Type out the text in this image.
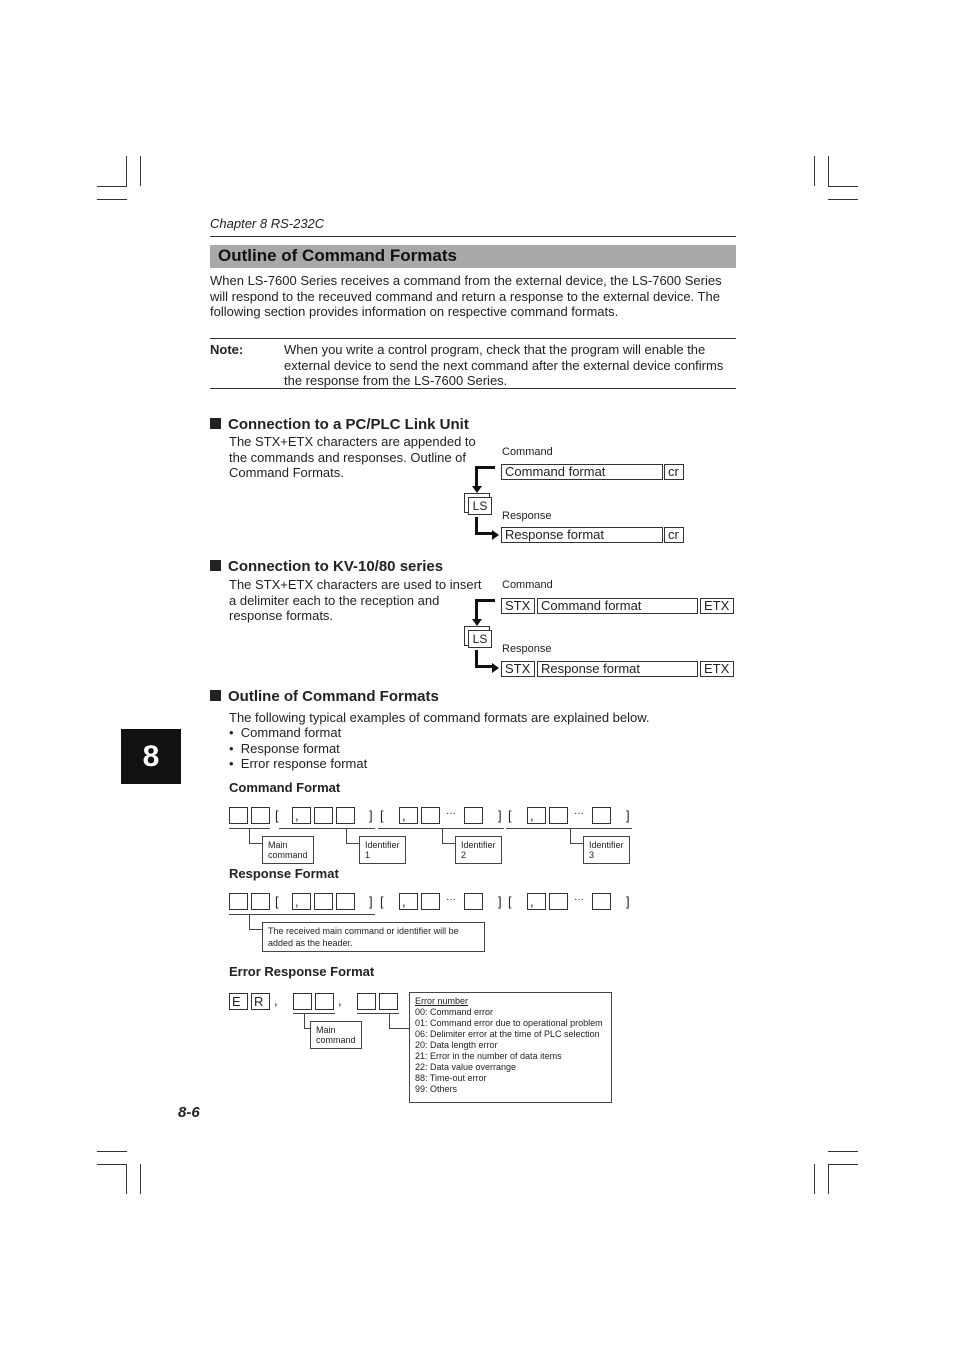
Chapter 8 RS-232C
Outline of Command Formats
When LS-7600 Series receives a command from the external device, the LS-7600 Series will respond to the receuved command and return a response to the external device. The following section provides information on respective command formats.
Note:	When you write a control program, check that the program will enable the external device to send the next command after the external device confirms the response from the LS-7600 Series.
Connection to a PC/PLC Link Unit
The STX+ETX characters are appended to the commands and responses. Outline of Command Formats.
Command
Command format	cr
LS
Response
Response format	cr
Connection to KV-10/80 series
The STX+ETX characters are used to insert a delimiter each to the reception and response formats.
Command
STX Command format	ETX
LS
Response
STX Response format	ETX
8
Outline of Command Formats
The following typical examples of command formats are explained below.
• Command format
• Response format
• Error response format
Command Format
[ ,	] [ ,	···	] [ ,	···	]
Main command
Identifier 1
Identifier 2
Identifier 3
Response Format
[ ,	] [ ,	···	] [ ,	···	]
The received main command or identifier will be added as the header.
Error Response Format
E	R ,	,
Main command
Error number
00: Command error
01: Command error due to operational problem
06: Delimiter error at the time of PLC selection
20: Data length error
21: Error in the number of data items
22: Data value overrange
88: Time-out error
99: Others
8-6
